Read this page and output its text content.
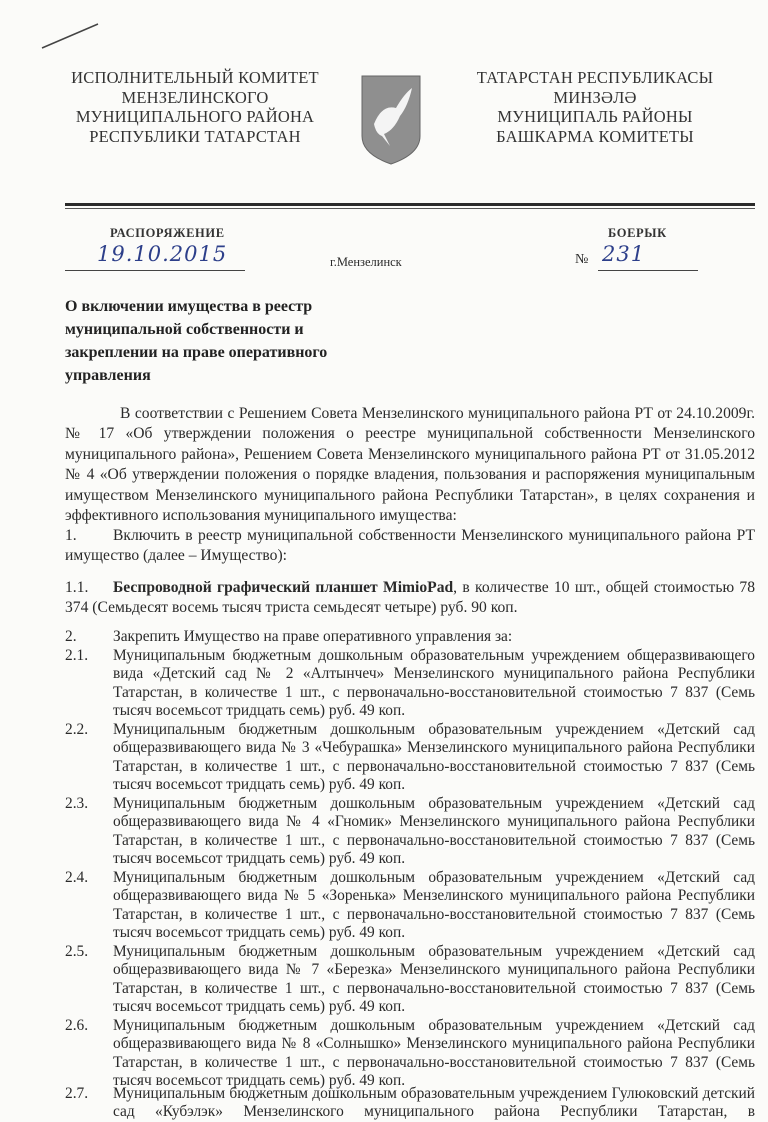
ИСПОЛНИТЕЛЬНЫЙ КОМИТЕТ
МЕНЗЕЛИНСКОГО
МУНИЦИПАЛЬНОГО РАЙОНА
РЕСПУБЛИКИ ТАТАРСТАН
ТАТАРСТАН РЕСПУБЛИКАСЫ
МИНЗӘЛӘ
МУНИЦИПАЛЬ РАЙОНЫ
БАШКАРМА КОМИТЕТЫ
РАСПОРЯЖЕНИЕ	БОЕРЫК
19.10.2015	г.Мензелинск	№ 231
О включении имущества в реестр муниципальной собственности и закреплении на праве оперативного управления
В соответствии с Решением Совета Мензелинского муниципального района РТ от 24.10.2009г. № 17 «Об утверждении положения о реестре муниципальной собственности Мензелинского муниципального района», Решением Совета Мензелинского муниципального района РТ от 31.05.2012 № 4 «Об утверждении положения о порядке владения, пользования и распоряжения муниципальным имуществом Мензелинского муниципального района Республики Татарстан», в целях сохранения и эффективного использования муниципального имущества:
1. Включить в реестр муниципальной собственности Мензелинского муниципального района РТ имущество (далее – Имущество):
1.1. Беспроводной графический планшет MimioPad, в количестве 10 шт., общей стоимостью 78 374 (Семьдесят восемь тысяч триста семьдесят четыре) руб. 90 коп.
2.	Закрепить Имущество на праве оперативного управления за:
2.1.	Муниципальным бюджетным дошкольным образовательным учреждением общеразвивающего вида «Детский сад № 2 «Алтынчеч» Мензелинского муниципального района Республики Татарстан, в количестве 1 шт., с первоначально-восстановительной стоимостью 7 837 (Семь тысяч восемьсот тридцать семь) руб. 49 коп.
2.2.	Муниципальным бюджетным дошкольным образовательным учреждением «Детский сад общеразвивающего вида № 3 «Чебурашка» Мензелинского муниципального района Республики Татарстан, в количестве 1 шт., с первоначально-восстановительной стоимостью 7 837 (Семь тысяч восемьсот тридцать семь) руб. 49 коп.
2.3.	Муниципальным бюджетным дошкольным образовательным учреждением «Детский сад общеразвивающего вида № 4 «Гномик» Мензелинского муниципального района Республики Татарстан, в количестве 1 шт., с первоначально-восстановительной стоимостью 7 837 (Семь тысяч восемьсот тридцать семь) руб. 49 коп.
2.4.	Муниципальным бюджетным дошкольным образовательным учреждением «Детский сад общеразвивающего вида № 5 «Зоренька» Мензелинского муниципального района Республики Татарстан, в количестве 1 шт., с первоначально-восстановительной стоимостью 7 837 (Семь тысяч восемьсот тридцать семь) руб. 49 коп.
2.5.	Муниципальным бюджетным дошкольным образовательным учреждением «Детский сад общеразвивающего вида № 7 «Березка» Мензелинского муниципального района Республики Татарстан, в количестве 1 шт., с первоначально-восстановительной стоимостью 7 837 (Семь тысяч восемьсот тридцать семь) руб. 49 коп.
2.6.	Муниципальным бюджетным дошкольным образовательным учреждением «Детский сад общеразвивающего вида № 8 «Солнышко» Мензелинского муниципального района Республики Татарстан, в количестве 1 шт., с первоначально-восстановительной стоимостью 7 837 (Семь тысяч восемьсот тридцать семь) руб. 49 коп.
2.7.	Муниципальным бюджетным дошкольным образовательным учреждением Гулюковский детский сад «Кубэлэк» Мензелинского муниципального района Республики Татарстан, в
